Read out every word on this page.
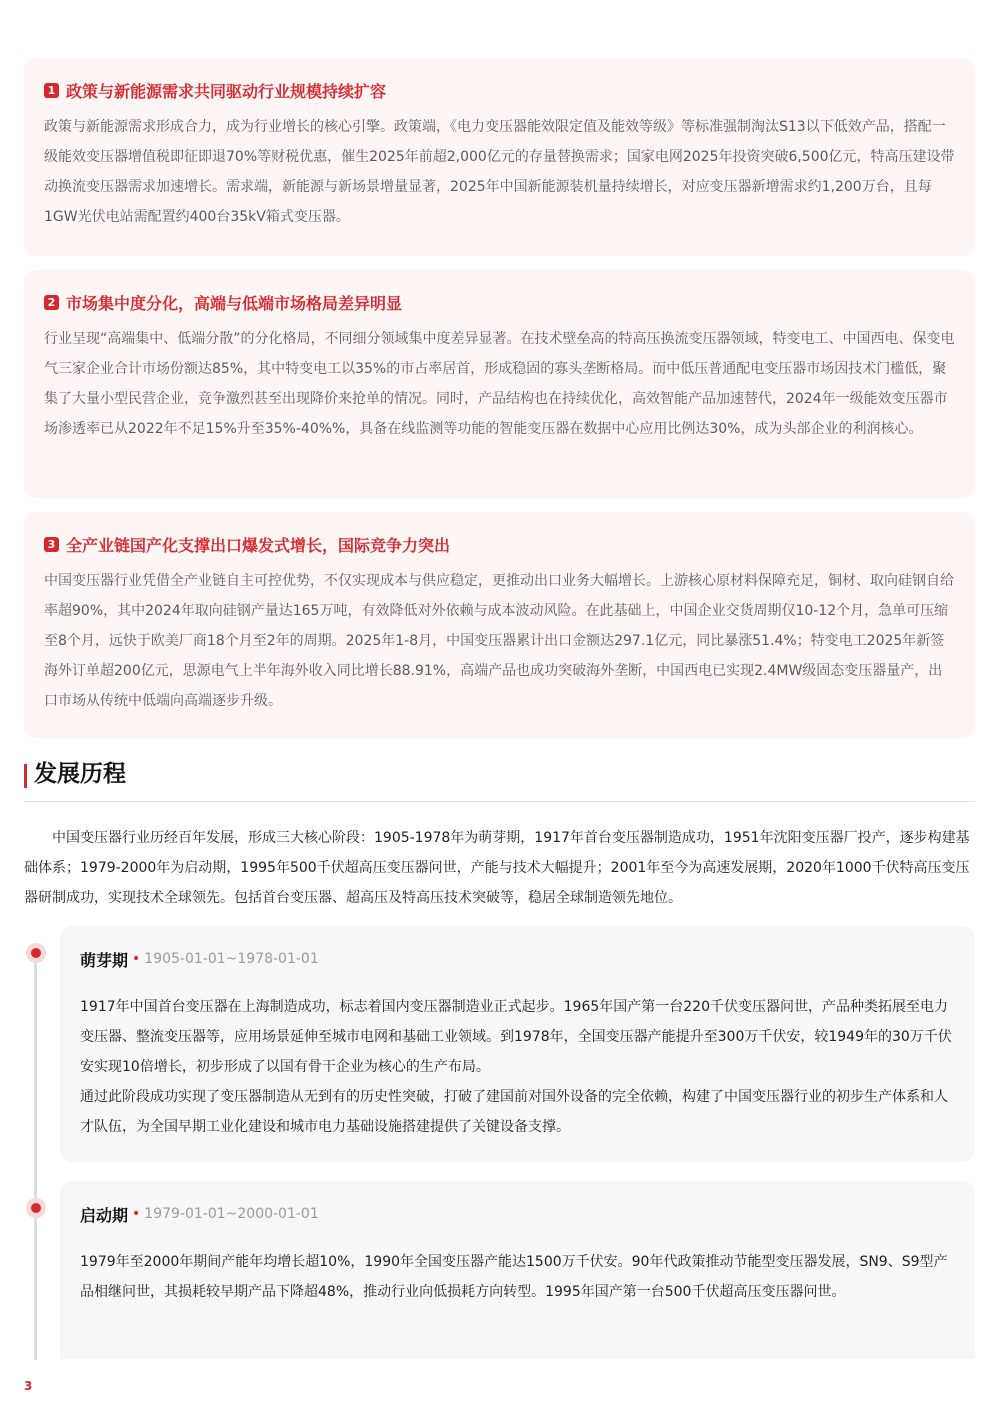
1 政策与新能源需求共同驱动行业规模持续扩容

政策与新能源需求形成合力，成为行业增长的核心引擎。政策端，《电力变压器能效限定值及能效等级》等标准强制淘汰S13以下低效产品，搭配一级能效变压器增值税即征即退70%等财税优惠，催生2025年前超2,000亿元的存量替换需求；国家电网2025年投资突破6,500亿元，特高压建设带动换流变压器需求加速增长。需求端，新能源与新场景增量显著，2025年中国新能源装机量持续增长，对应变压器新增需求约1,200万台，且每1GW光伏电站需配置约400台35kV箱式变压器。

2 市场集中度分化，高端与低端市场格局差异明显

行业呈现“高端集中、低端分散”的分化格局，不同细分领域集中度差异显著。在技术壁垒高的特高压换流变压器领域，特变电工、中国西电、保变电气三家企业合计市场份额达85%，其中特变电工以35%的市占率居首，形成稳固的寡头垄断格局。而中低压普通配电变压器市场因技术门槛低，聚集了大量小型民营企业，竞争激烈甚至出现降价来抢单的情况。同时，产品结构也在持续优化，高效智能产品加速替代，2024年一级能效变压器市场渗透率已从2022年不足15%升至35%-40%%，具备在线监测等功能的智能变压器在数据中心应用比例达30%，成为头部企业的利润核心。

3 全产业链国产化支撑出口爆发式增长，国际竞争力突出

中国变压器行业凭借全产业链自主可控优势，不仅实现成本与供应稳定，更推动出口业务大幅增长。上游核心原材料保障充足，铜材、取向硅钢自给率超90%，其中2024年取向硅钢产量达165万吨，有效降低对外依赖与成本波动风险。在此基础上，中国企业交货周期仅10-12个月，急单可压缩至8个月，远快于欧美厂商18个月至2年的周期。2025年1-8月，中国变压器累计出口金额达297.1亿元，同比暴涨51.4%；特变电工2025年新签海外订单超200亿元，思源电气上半年海外收入同比增长88.91%，高端产品也成功突破海外垄断，中国西电已实现2.4MW级固态变压器量产，出口市场从传统中低端向高端逐步升级。

发展历程

中国变压器行业历经百年发展，形成三大核心阶段：1905-1978年为萌芽期，1917年首台变压器制造成功，1951年沈阳变压器厂投产，逐步构建基础体系；1979-2000年为启动期，1995年500千伏超高压变压器问世，产能与技术大幅提升；2001年至今为高速发展期，2020年1000千伏特高压变压器研制成功，实现技术全球领先。包括首台变压器、超高压及特高压技术突破等，稳居全球制造领先地位。

萌芽期 • 1905-01-01~1978-01-01

1917年中国首台变压器在上海制造成功，标志着国内变压器制造业正式起步。1965年国产第一台220千伏变压器问世，产品种类拓展至电力变压器、整流变压器等，应用场景延伸至城市电网和基础工业领域。到1978年，全国变压器产能提升至300万千伏安，较1949年的30万千伏安实现10倍增长，初步形成了以国有骨干企业为核心的生产布局。

通过此阶段成功实现了变压器制造从无到有的历史性突破，打破了建国前对国外设备的完全依赖，构建了中国变压器行业的初步生产体系和人才队伍，为全国早期工业化建设和城市电力基础设施搭建提供了关键设备支撑。

启动期 • 1979-01-01~2000-01-01

1979年至2000年期间产能年均增长超10%，1990年全国变压器产能达1500万千伏安。90年代政策推动节能型变压器发展，SN9、S9型产品相继问世，其损耗较早期产品下降超48%，推动行业向低损耗方向转型。1995年国产第一台500千伏超高压变压器问世。

3
